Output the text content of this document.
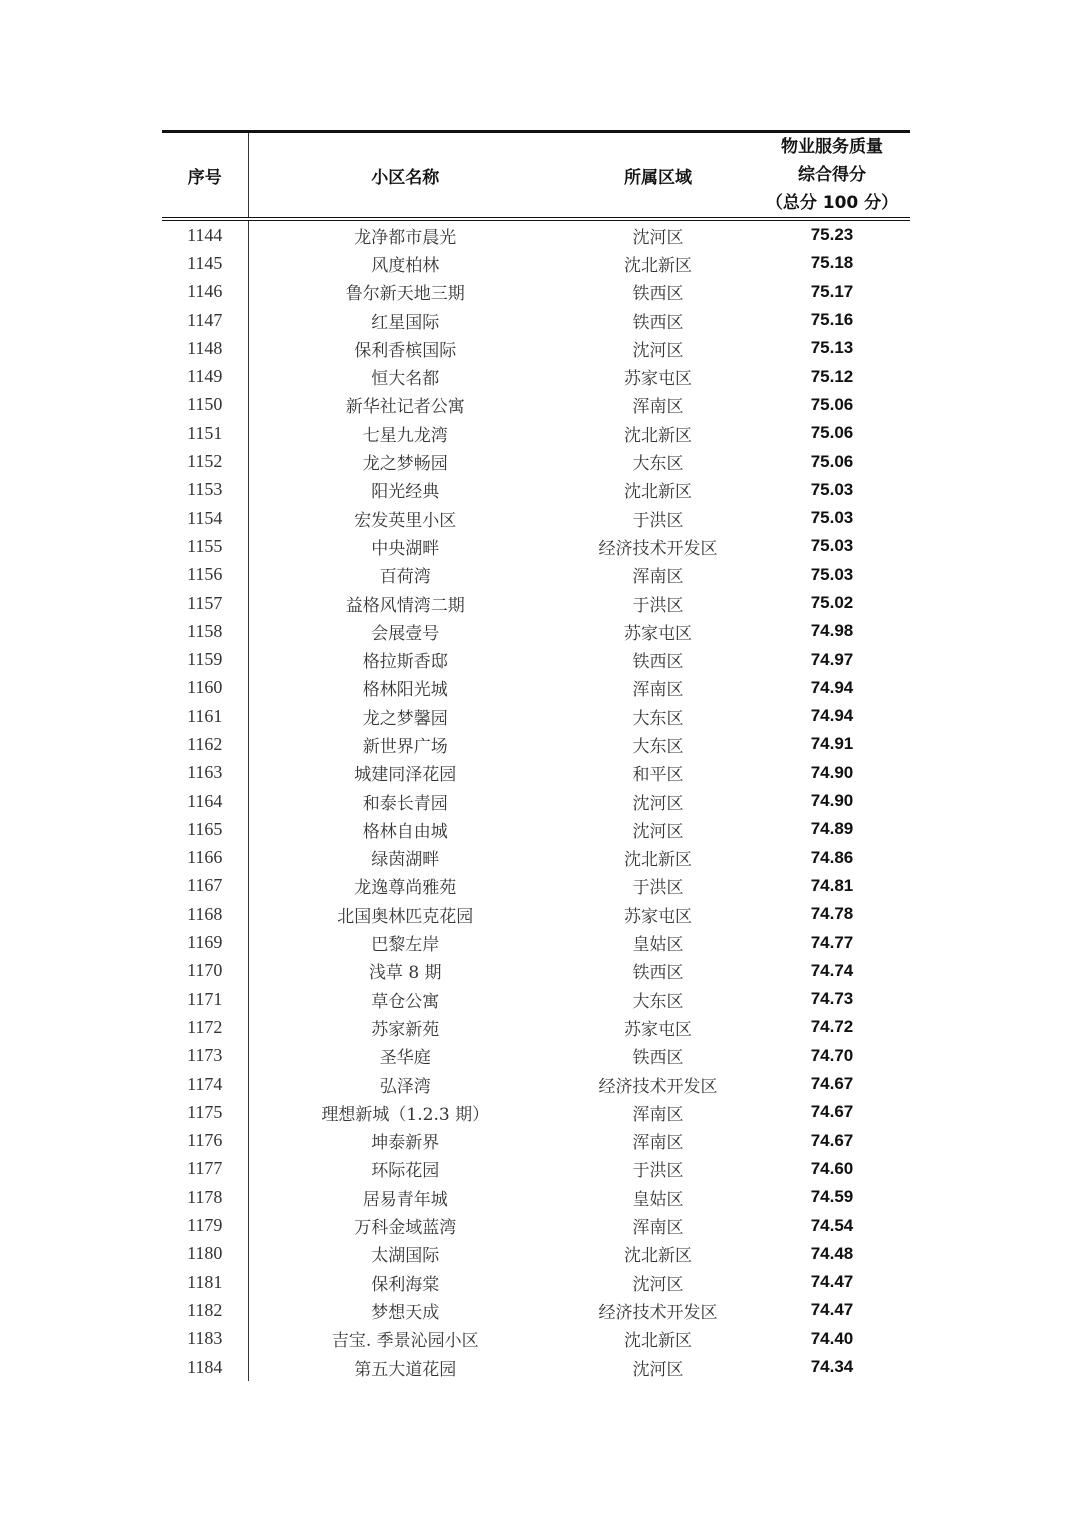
序号	小区名称	所属区域	物业服务质量
综合得分
（总分 100 分）

1144	龙净都市晨光	沈河区	75.23
1145	风度柏林	沈北新区	75.18
1146	鲁尔新天地三期	铁西区	75.17
1147	红星国际	铁西区	75.16
1148	保利香槟国际	沈河区	75.13
1149	恒大名都	苏家屯区	75.12
1150	新华社记者公寓	浑南区	75.06
1151	七星九龙湾	沈北新区	75.06
1152	龙之梦畅园	大东区	75.06
1153	阳光经典	沈北新区	75.03
1154	宏发英里小区	于洪区	75.03
1155	中央湖畔	经济技术开发区	75.03
1156	百荷湾	浑南区	75.03
1157	益格风情湾二期	于洪区	75.02
1158	会展壹号	苏家屯区	74.98
1159	格拉斯香邸	铁西区	74.97
1160	格林阳光城	浑南区	74.94
1161	龙之梦馨园	大东区	74.94
1162	新世界广场	大东区	74.91
1163	城建同泽花园	和平区	74.90
1164	和泰长青园	沈河区	74.90
1165	格林自由城	沈河区	74.89
1166	绿茵湖畔	沈北新区	74.86
1167	龙逸尊尚雅苑	于洪区	74.81
1168	北国奥林匹克花园	苏家屯区	74.78
1169	巴黎左岸	皇姑区	74.77
1170	浅草 8 期	铁西区	74.74
1171	草仓公寓	大东区	74.73
1172	苏家新苑	苏家屯区	74.72
1173	圣华庭	铁西区	74.70
1174	弘泽湾	经济技术开发区	74.67
1175	理想新城（1.2.3 期）	浑南区	74.67
1176	坤泰新界	浑南区	74.67
1177	环际花园	于洪区	74.60
1178	居易青年城	皇姑区	74.59
1179	万科金域蓝湾	浑南区	74.54
1180	太湖国际	沈北新区	74.48
1181	保利海棠	沈河区	74.47
1182	梦想天成	经济技术开发区	74.47
1183	吉宝. 季景沁园小区	沈北新区	74.40
1184	第五大道花园	沈河区	74.34
